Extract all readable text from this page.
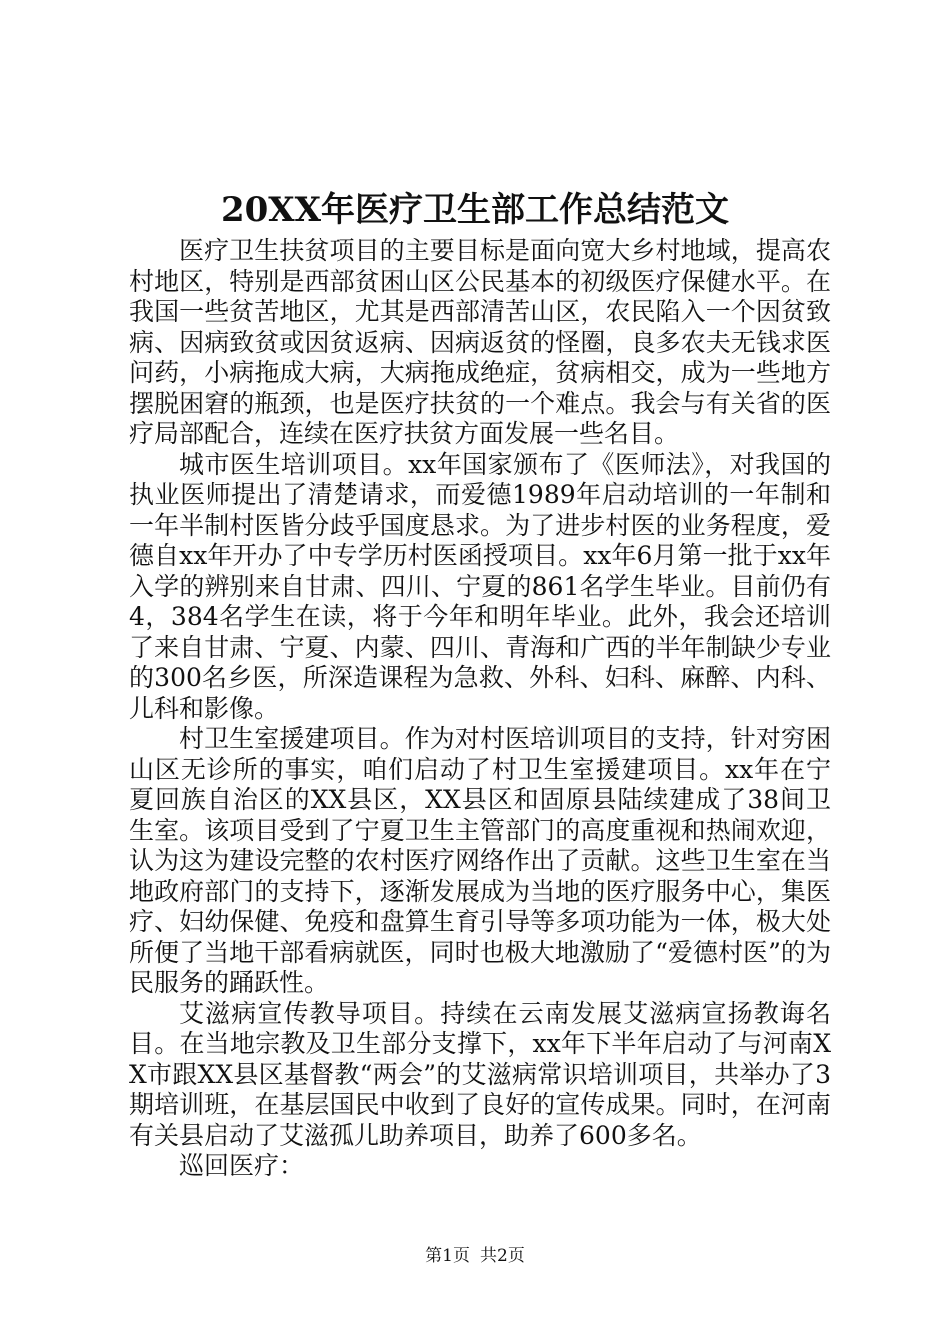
20XX年医疗卫生部工作总结范文

医疗卫生扶贫项目的主要目标是面向宽大乡村地域，提高农村地区，特别是西部贫困山区公民基本的初级医疗保健水平。在我国一些贫苦地区，尤其是西部清苦山区，农民陷入一个因贫致病、因病致贫或因贫返病、因病返贫的怪圈，良多农夫无钱求医问药，小病拖成大病，大病拖成绝症，贫病相交，成为一些地方摆脱困窘的瓶颈，也是医疗扶贫的一个难点。我会与有关省的医疗局部配合，连续在医疗扶贫方面发展一些名目。

城市医生培训项目。xx年国家颁布了《医师法》，对我国的执业医师提出了清楚请求，而爱德1989年启动培训的一年制和一年半制村医皆分歧乎国度恳求。为了进步村医的业务程度，爱德自xx年开办了中专学历村医函授项目。xx年6月第一批于xx年入学的辨别来自甘肃、四川、宁夏的861名学生毕业。目前仍有4，384名学生在读，将于今年和明年毕业。此外，我会还培训了来自甘肃、宁夏、内蒙、四川、青海和广西的半年制缺少专业的300名乡医，所深造课程为急救、外科、妇科、麻醉、内科、儿科和影像。

村卫生室援建项目。作为对村医培训项目的支持，针对穷困山区无诊所的事实，咱们启动了村卫生室援建项目。xx年在宁夏回族自治区的XX县区，XX县区和固原县陆续建成了38间卫生室。该项目受到了宁夏卫生主管部门的高度重视和热闹欢迎，认为这为建设完整的农村医疗网络作出了贡献。这些卫生室在当地政府部门的支持下，逐渐发展成为当地的医疗服务中心，集医疗、妇幼保健、免疫和盘算生育引导等多项功能为一体，极大处所便了当地干部看病就医，同时也极大地激励了“爱德村医”的为民服务的踊跃性。

艾滋病宣传教导项目。持续在云南发展艾滋病宣扬教诲名目。在当地宗教及卫生部分支撑下，xx年下半年启动了与河南XX市跟XX县区基督教“两会”的艾滋病常识培训项目，共举办了3期培训班，在基层国民中收到了良好的宣传成果。同时，在河南有关县启动了艾滋孤儿助养项目，助养了600多名。

巡回医疗：

第1页 共2页
